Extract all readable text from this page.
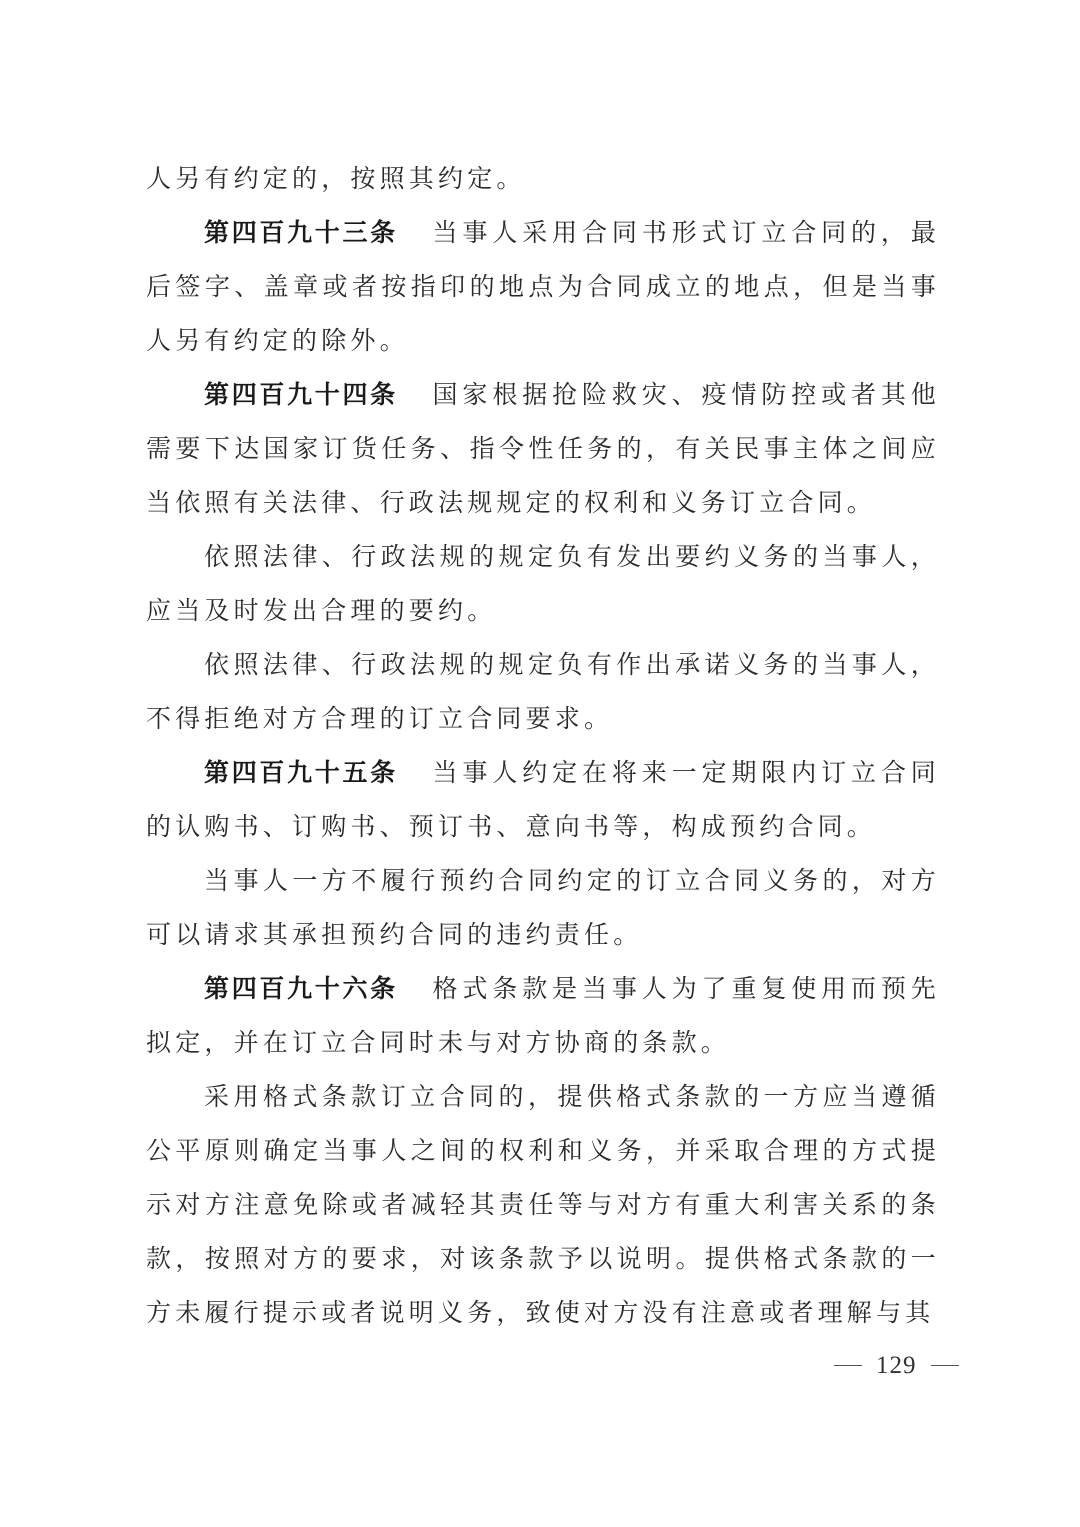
人另有约定的，按照其约定。

第四百九十三条 当事人采用合同书形式订立合同的，最后签字、盖章或者按指印的地点为合同成立的地点，但是当事人另有约定的除外。

第四百九十四条 国家根据抢险救灾、疫情防控或者其他需要下达国家订货任务、指令性任务的，有关民事主体之间应当依照有关法律、行政法规规定的权利和义务订立合同。

依照法律、行政法规的规定负有发出要约义务的当事人，应当及时发出合理的要约。

依照法律、行政法规的规定负有作出承诺义务的当事人，不得拒绝对方合理的订立合同要求。

第四百九十五条 当事人约定在将来一定期限内订立合同的认购书、订购书、预订书、意向书等，构成预约合同。

当事人一方不履行预约合同约定的订立合同义务的，对方可以请求其承担预约合同的违约责任。

第四百九十六条 格式条款是当事人为了重复使用而预先拟定，并在订立合同时未与对方协商的条款。

采用格式条款订立合同的，提供格式条款的一方应当遵循公平原则确定当事人之间的权利和义务，并采取合理的方式提示对方注意免除或者减轻其责任等与对方有重大利害关系的条款，按照对方的要求，对该条款予以说明。提供格式条款的一方未履行提示或者说明义务，致使对方没有注意或者理解与其

129
